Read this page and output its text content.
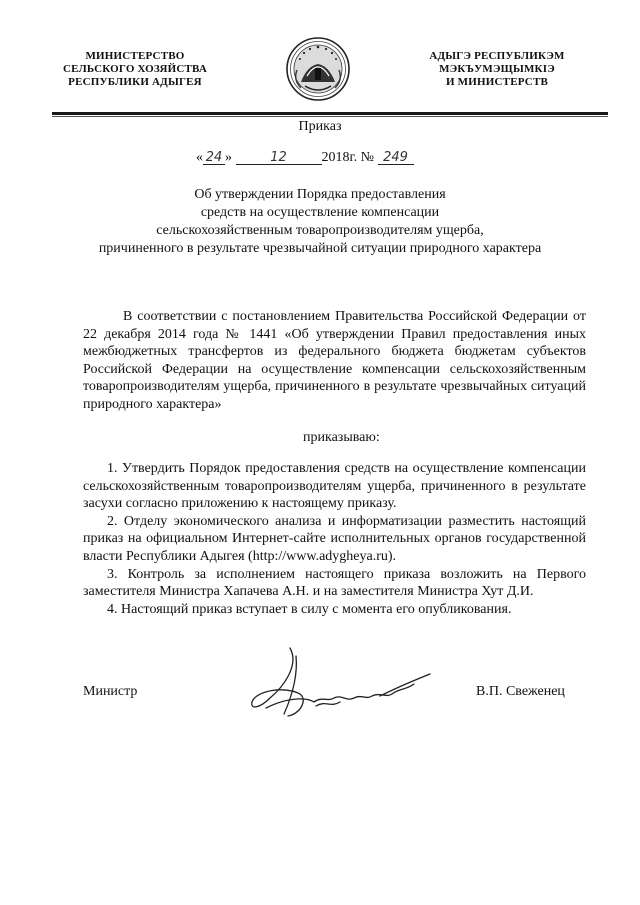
МИНИСТЕРСТВО
СЕЛЬСКОГО ХОЗЯЙСТВА
РЕСПУБЛИКИ АДЫГЕЯ
АДЫГЭ РЕСПУБЛИКЭМ
МЭКЪУМЭЩЫМКІЭ
И МИНИСТЕРСТВ
Приказ
« 24 »	12 2018г. № 249
Об утверждении Порядка предоставления
средств на осуществление компенсации
сельскохозяйственным товаропроизводителям ущерба,
причиненного в результате чрезвычайной ситуации природного характера
В соответствии с постановлением Правительства Российской Федерации от 22 декабря 2014 года № 1441 «Об утверждении Правил предоставления иных межбюджетных трансфертов из федерального бюджета бюджетам субъектов Российской Федерации на осуществление компенсации сельскохозяйственным товаропроизводителям ущерба, причиненного в результате чрезвычайных ситуаций природного характера»
приказываю:

1. Утвердить Порядок предоставления средств на осуществление компенсации сельскохозяйственным товаропроизводителям ущерба, причиненного в результате засухи согласно приложению к настоящему приказу.

2. Отделу экономического анализа и информатизации разместить настоящий приказ на официальном Интернет-сайте исполнительных органов государственной власти Республики Адыгея (http://www.adygheya.ru).

3. Контроль за исполнением настоящего приказа возложить на Первого заместителя Министра Хапачева А.Н. и на заместителя Министра Хут Д.И.

4. Настоящий приказ вступает в силу с момента его опубликования.

Министр	В.П. Свеженец
